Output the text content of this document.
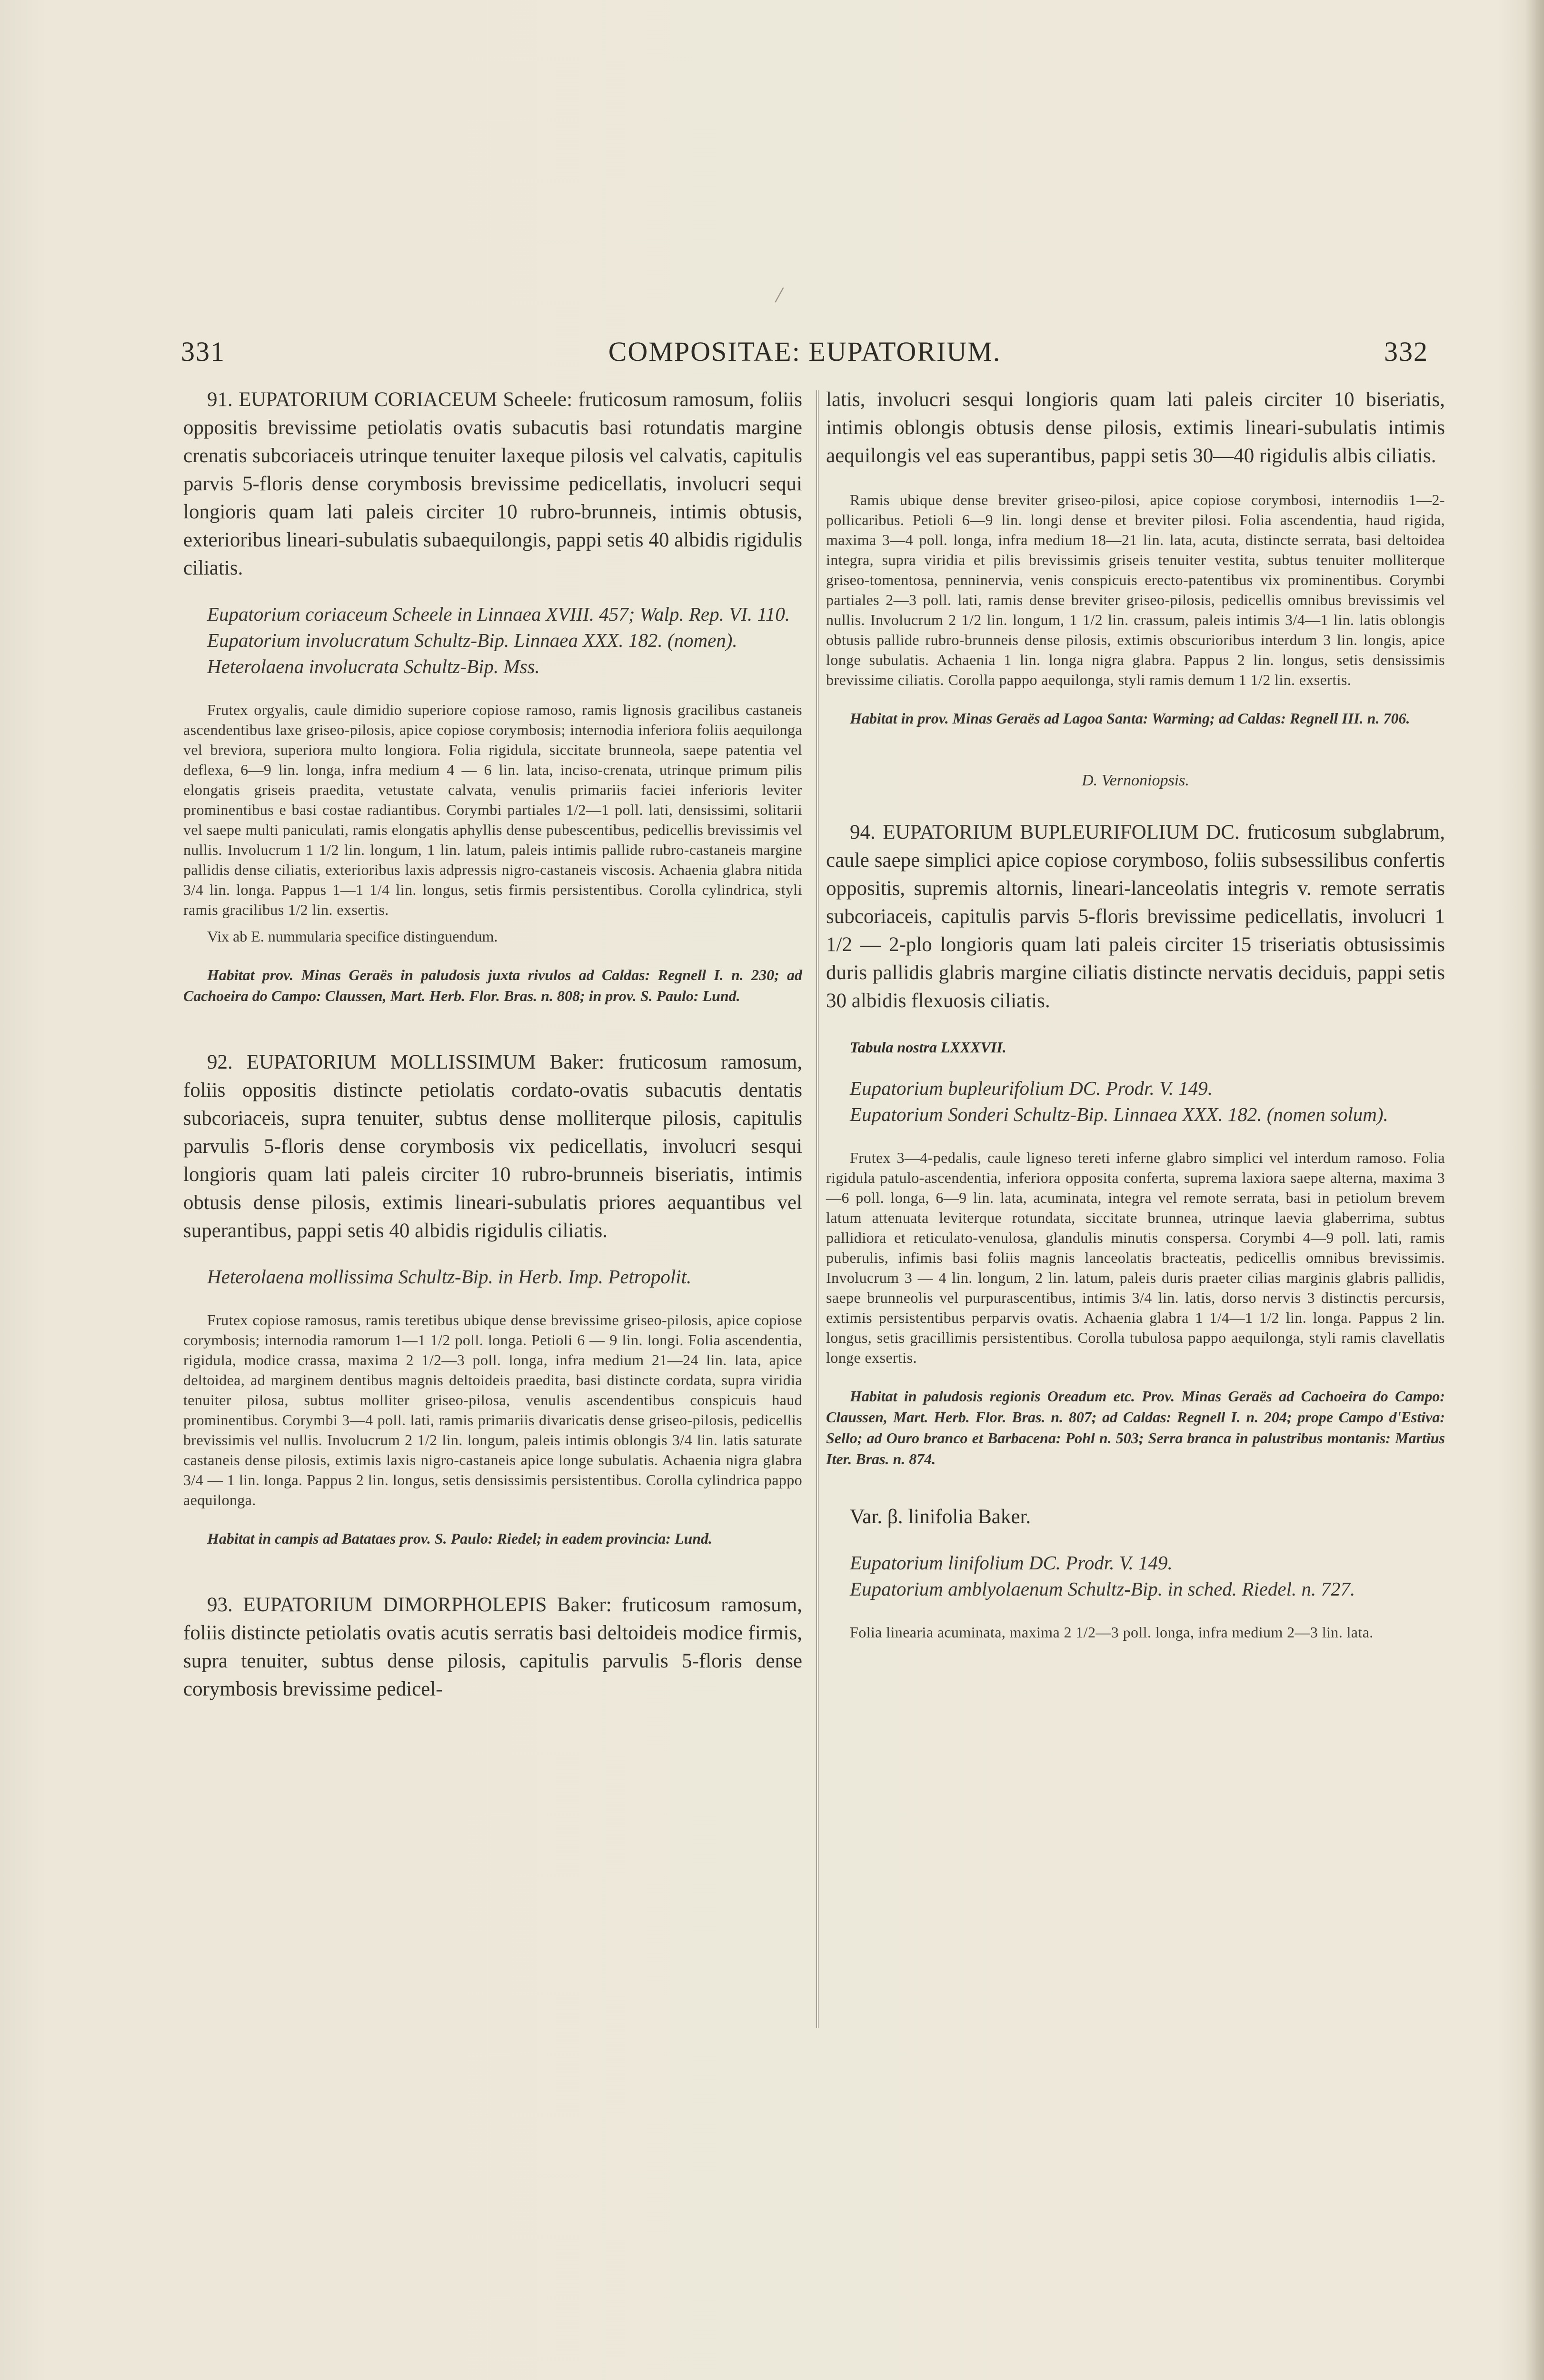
/
331	COMPOSITAE: EUPATORIUM.	332

91. EUPATORIUM CORIACEUM Scheele: fruticosum ramosum, foliis oppositis brevissime petiolatis ovatis subacutis basi rotundatis margine crenatis subcoriaceis utrinque tenuiter laxeque pilosis vel calvatis, capitulis parvis 5-floris dense corymbosis brevissime pedicellatis, involucri sequi longioris quam lati paleis circiter 10 rubro-brunneis, intimis obtusis, exterioribus lineari-subulatis subaequilongis, pappi setis 40 albidis rigidulis ciliatis.

Eupatorium coriaceum Scheele in Linnaea XVIII. 457; Walp. Rep. VI. 110.

Eupatorium involucratum Schultz-Bip. Linnaea XXX. 182. (nomen).

Heterolaena involucrata Schultz-Bip. Mss.

Frutex orgyalis, caule dimidio superiore copiose ramoso, ramis lignosis gracilibus castaneis ascendentibus laxe griseo-pilosis, apice copiose corymbosis; internodia inferiora foliis aequilonga vel breviora, superiora multo longiora. Folia rigidula, siccitate brunneola, saepe patentia vel deflexa, 6—9 lin. longa, infra medium 4 — 6 lin. lata, inciso-crenata, utrinque primum pilis elongatis griseis praedita, vetustate calvata, venulis primariis faciei inferioris leviter prominentibus e basi costae radiantibus. Corymbi partiales 1/2—1 poll. lati, densissimi, solitarii vel saepe multi paniculati, ramis elongatis aphyllis dense pubescentibus, pedicellis brevissimis vel nullis. Involucrum 1 1/2 lin. longum, 1 lin. latum, paleis intimis pallide rubro-castaneis margine pallidis dense ciliatis, exterioribus laxis adpressis nigro-castaneis viscosis. Achaenia glabra nitida 3/4 lin. longa. Pappus 1—1 1/4 lin. longus, setis firmis persistentibus. Corolla cylindrica, styli ramis gracilibus 1/2 lin. exsertis.

Vix ab E. nummularia specifice distinguendum.

Habitat prov. Minas Geraës in paludosis juxta rivulos ad Caldas: Regnell I. n. 230; ad Cachoeira do Campo: Claussen, Mart. Herb. Flor. Bras. n. 808; in prov. S. Paulo: Lund.

92. EUPATORIUM MOLLISSIMUM Baker: fruticosum ramosum, foliis oppositis distincte petiolatis cordato-ovatis subacutis dentatis subcoriaceis, supra tenuiter, subtus dense molliterque pilosis, capitulis parvulis 5-floris dense corymbosis vix pedicellatis, involucri sesqui longioris quam lati paleis circiter 10 rubro-brunneis biseriatis, intimis obtusis dense pilosis, extimis lineari-subulatis priores aequantibus vel superantibus, pappi setis 40 albidis rigidulis ciliatis.

Heterolaena mollissima Schultz-Bip. in Herb. Imp. Petropolit.

Frutex copiose ramosus, ramis teretibus ubique dense brevissime griseo-pilosis, apice copiose corymbosis; internodia ramorum 1—1 1/2 poll. longa. Petioli 6 — 9 lin. longi. Folia ascendentia, rigidula, modice crassa, maxima 2 1/2—3 poll. longa, infra medium 21—24 lin. lata, apice deltoidea, ad marginem dentibus magnis deltoideis praedita, basi distincte cordata, supra viridia tenuiter pilosa, subtus molliter griseo-pilosa, venulis ascendentibus conspicuis haud prominentibus. Corymbi 3—4 poll. lati, ramis primariis divaricatis dense griseo-pilosis, pedicellis brevissimis vel nullis. Involucrum 2 1/2 lin. longum, paleis intimis oblongis 3/4 lin. latis saturate castaneis dense pilosis, extimis laxis nigro-castaneis apice longe subulatis. Achaenia nigra glabra 3/4 — 1 lin. longa. Pappus 2 lin. longus, setis densissimis persistentibus. Corolla cylindrica pappo aequilonga.

Habitat in campis ad Batataes prov. S. Paulo: Riedel; in eadem provincia: Lund.

93. EUPATORIUM DIMORPHOLEPIS Baker: fruticosum ramosum, foliis distincte petiolatis ovatis acutis serratis basi deltoideis modice firmis, supra tenuiter, subtus dense pilosis, capitulis parvulis 5-floris dense corymbosis brevissime pedicel-

latis, involucri sesqui longioris quam lati paleis circiter 10 biseriatis, intimis oblongis obtusis dense pilosis, extimis lineari-subulatis intimis aequilongis vel eas superantibus, pappi setis 30—40 rigidulis albis ciliatis.

Ramis ubique dense breviter griseo-pilosi, apice copiose corymbosi, internodiis 1—2-pollicaribus. Petioli 6—9 lin. longi dense et breviter pilosi. Folia ascendentia, haud rigida, maxima 3—4 poll. longa, infra medium 18—21 lin. lata, acuta, distincte serrata, basi deltoidea integra, supra viridia et pilis brevissimis griseis tenuiter vestita, subtus tenuiter molliterque griseo-tomentosa, penninervia, venis conspicuis erecto-patentibus vix prominentibus. Corymbi partiales 2—3 poll. lati, ramis dense breviter griseo-pilosis, pedicellis omnibus brevissimis vel nullis. Involucrum 2 1/2 lin. longum, 1 1/2 lin. crassum, paleis intimis 3/4—1 lin. latis oblongis obtusis pallide rubro-brunneis dense pilosis, extimis obscurioribus interdum 3 lin. longis, apice longe subulatis. Achaenia 1 lin. longa nigra glabra. Pappus 2 lin. longus, setis densissimis brevissime ciliatis. Corolla pappo aequilonga, styli ramis demum 1 1/2 lin. exsertis.

Habitat in prov. Minas Geraës ad Lagoa Santa: Warming; ad Caldas: Regnell III. n. 706.

D. Vernoniopsis.

94. EUPATORIUM BUPLEURIFOLIUM DC. fruticosum subglabrum, caule saepe simplici apice copiose corymboso, foliis subsessilibus confertis oppositis, supremis altornis, lineari-lanceolatis integris v. remote serratis subcoriaceis, capitulis parvis 5-floris brevissime pedicellatis, involucri 1 1/2 — 2-plo longioris quam lati paleis circiter 15 triseriatis obtusissimis duris pallidis glabris margine ciliatis distincte nervatis deciduis, pappi setis 30 albidis flexuosis ciliatis.

Tabula nostra LXXXVII.

Eupatorium bupleurifolium DC. Prodr. V. 149.

Eupatorium Sonderi Schultz-Bip. Linnaea XXX. 182. (nomen solum).

Frutex 3—4-pedalis, caule ligneso tereti inferne glabro simplici vel interdum ramoso. Folia rigidula patulo-ascendentia, inferiora opposita conferta, suprema laxiora saepe alterna, maxima 3—6 poll. longa, 6—9 lin. lata, acuminata, integra vel remote serrata, basi in petiolum brevem latum attenuata leviterque rotundata, siccitate brunnea, utrinque laevia glaberrima, subtus pallidiora et reticulato-venulosa, glandulis minutis conspersa. Corymbi 4—9 poll. lati, ramis puberulis, infimis basi foliis magnis lanceolatis bracteatis, pedicellis omnibus brevissimis. Involucrum 3 — 4 lin. longum, 2 lin. latum, paleis duris praeter cilias marginis glabris pallidis, saepe brunneolis vel purpurascentibus, intimis 3/4 lin. latis, dorso nervis 3 distinctis percursis, extimis persistentibus perparvis ovatis. Achaenia glabra 1 1/4—1 1/2 lin. longa. Pappus 2 lin. longus, setis gracillimis persistentibus. Corolla tubulosa pappo aequilonga, styli ramis clavellatis longe exsertis.

Habitat in paludosis regionis Oreadum etc. Prov. Minas Geraës ad Cachoeira do Campo: Claussen, Mart. Herb. Flor. Bras. n. 807; ad Caldas: Regnell I. n. 204; prope Campo d'Estiva: Sello; ad Ouro branco et Barbacena: Pohl n. 503; Serra branca in palustribus montanis: Martius Iter. Bras. n. 874.

Var. β. linifolia Baker.

Eupatorium linifolium DC. Prodr. V. 149.

Eupatorium amblyolaenum Schultz-Bip. in sched. Riedel. n. 727.

Folia linearia acuminata, maxima 2 1/2—3 poll. longa, infra medium 2—3 lin. lata.
